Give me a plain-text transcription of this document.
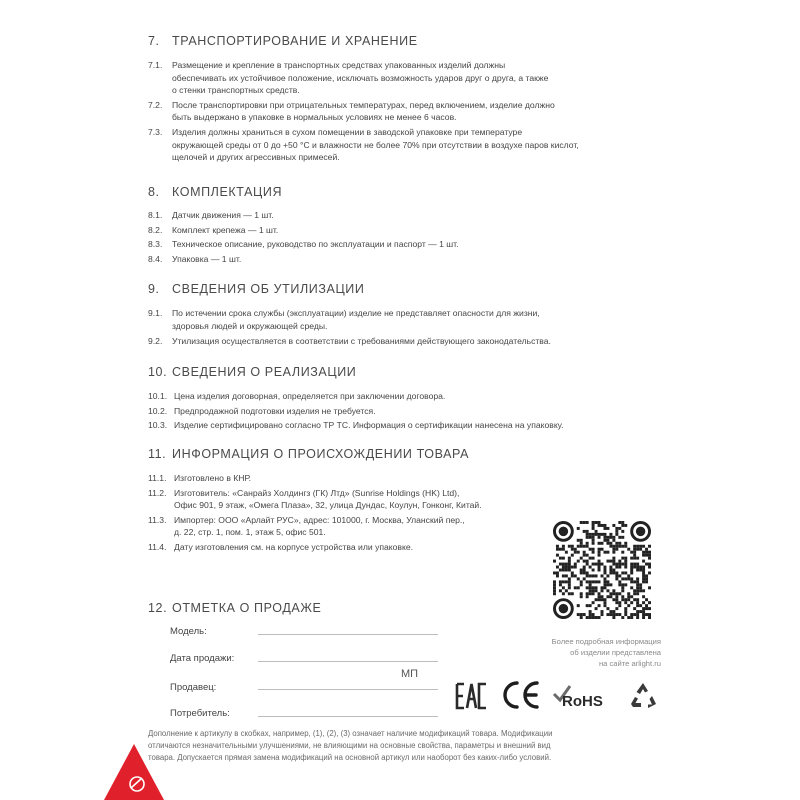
7. ТРАНСПОРТИРОВАНИЕ И ХРАНЕНИЕ
7.1.	Размещение и крепление в транспортных средствах упакованных изделий должны
обеспечивать их устойчивое положение, исключать возможность ударов друг о друга, а также
о стенки транспортных средств.
7.2.	После транспортировки при отрицательных температурах, перед включением, изделие должно
быть выдержано в упаковке в нормальных условиях не менее 6 часов.
7.3.	Изделия должны храниться в сухом помещении в заводской упаковке при температуре
окружающей среды от 0 до +50 °С и влажности не более 70% при отсутствии в воздухе паров кислот,
щелочей и других агрессивных примесей.
8. КОМПЛЕКТАЦИЯ
8.1.	Датчик движения — 1 шт.
8.2.	Комплект крепежа — 1 шт.
8.3.	Техническое описание, руководство по эксплуатации и паспорт — 1 шт.
8.4.	Упаковка — 1 шт.
9. СВЕДЕНИЯ ОБ УТИЛИЗАЦИИ
9.1.	По истечении срока службы (эксплуатации) изделие не представляет опасности для жизни,
здоровья людей и окружающей среды.
9.2.	Утилизация осуществляется в соответствии с требованиями действующего законодательства.
10. СВЕДЕНИЯ О РЕАЛИЗАЦИИ
10.1. Цена изделия договорная, определяется при заключении договора.
10.2. Предпродажной подготовки изделия не требуется.
10.3. Изделие сертифицировано согласно ТР ТС. Информация о сертификации нанесена на упаковку.
11. ИНФОРМАЦИЯ О ПРОИСХОЖДЕНИИ ТОВАРА
11.1. Изготовлено в КНР.
11.2. Изготовитель: «Санрайз Холдингз (ГК) Лтд» (Sunrise Holdings (HK) Ltd),
Офис 901, 9 этаж, «Омега Плаза», 32, улица Дундас, Коулун, Гонконг, Китай.
11.3. Импортер: ООО «Арлайт РУС», адрес: 101000, г. Москва, Уланский пер.,
д. 22, стр. 1, пом. 1, этаж 5, офис 501.
11.4. Дату изготовления см. на корпусе устройства или упаковке.
Более подробная информация
об изделии представлена
на сайте arlight.ru
12. ОТМЕТКА О ПРОДАЖЕ
Модель:
Дата продажи:
МП
Продавец:
Потребитель:
RoHS
Дополнение к артикулу в скобках, например, (1), (2), (3) означает наличие модификаций товара. Модификации
отличаются незначительными улучшениями, не влияющими на основные свойства, параметры и внешний вид
товара. Допускается прямая замена модификаций на основной артикул или наоборот без каких-либо условий.
